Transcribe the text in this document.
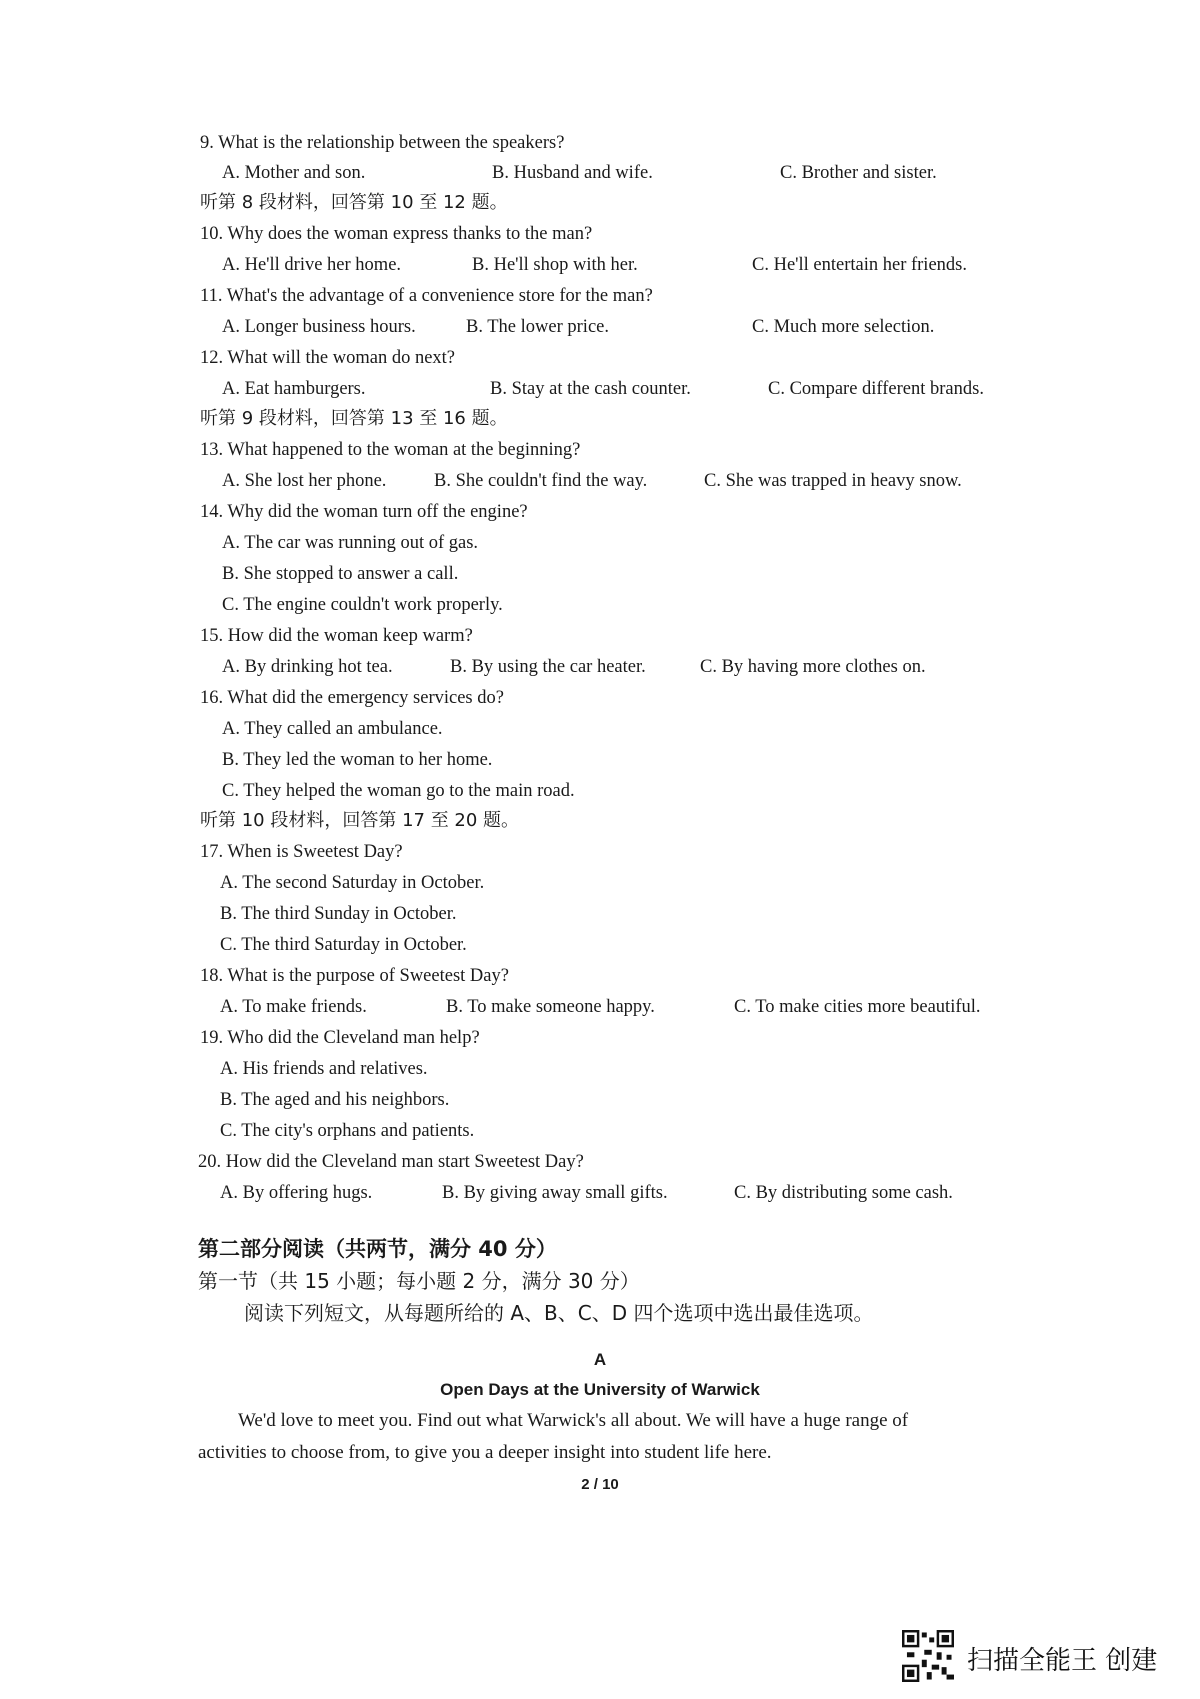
9. What is the relationship between the speakers?
A. Mother and son.	B. Husband and wife.	C. Brother and sister.
听第 8 段材料，回答第 10 至 12 题。
10. Why does the woman express thanks to the man?
A. He'll drive her home.	B. He'll shop with her.	C. He'll entertain her friends.
11. What's the advantage of a convenience store for the man?
A. Longer business hours.	B. The lower price.	C. Much more selection.
12. What will the woman do next?
A. Eat hamburgers.	B. Stay at the cash counter.	C. Compare different brands.
听第 9 段材料，回答第 13 至 16 题。
13. What happened to the woman at the beginning?
A. She lost her phone.	B. She couldn't find the way.	C. She was trapped in heavy snow.
14. Why did the woman turn off the engine?
A. The car was running out of gas.
B. She stopped to answer a call.
C. The engine couldn't work properly.
15. How did the woman keep warm?
A. By drinking hot tea.	B. By using the car heater.	C. By having more clothes on.
16. What did the emergency services do?
A. They called an ambulance.
B. They led the woman to her home.
C. They helped the woman go to the main road.
听第 10 段材料，回答第 17 至 20 题。
17. When is Sweetest Day?
A. The second Saturday in October.
B. The third Sunday in October.
C. The third Saturday in October.
18. What is the purpose of Sweetest Day?
A. To make friends.	B. To make someone happy.	C. To make cities more beautiful.
19. Who did the Cleveland man help?
A. His friends and relatives.
B. The aged and his neighbors.
C. The city's orphans and patients.
20. How did the Cleveland man start Sweetest Day?
A. By offering hugs.	B. By giving away small gifts.	C. By distributing some cash.
第二部分阅读（共两节，满分 40 分）
第一节（共 15 小题；每小题 2 分，满分 30 分）
阅读下列短文，从每题所给的 A、B、C、D 四个选项中选出最佳选项。
A
Open Days at the University of Warwick
We'd love to meet you. Find out what Warwick's all about. We will have a huge range of
activities to choose from, to give you a deeper insight into student life here.
2 / 10
扫描全能王 创建
